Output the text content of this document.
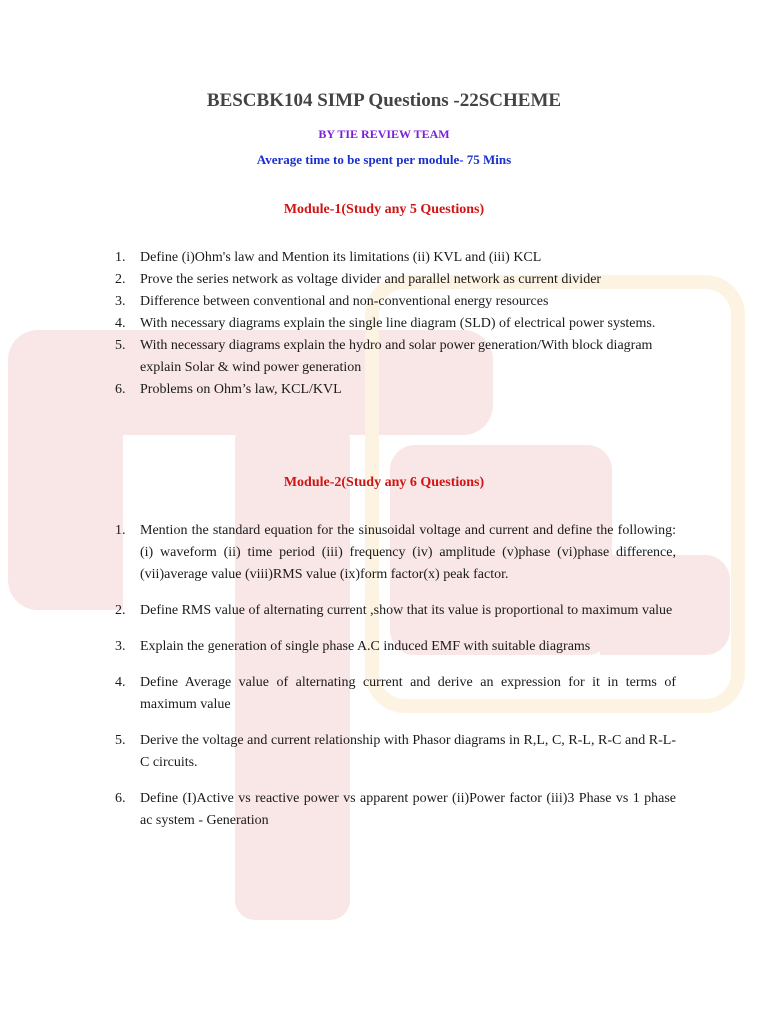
BESCBK104 SIMP Questions -22SCHEME
BY TIE REVIEW TEAM
Average time to be spent per module- 75 Mins
Module-1(Study any 5 Questions)
1. Define (i)Ohm's law and Mention its limitations (ii) KVL and (iii) KCL
2. Prove the series network as voltage divider and parallel network as current divider
3. Difference between conventional and non-conventional energy resources
4. With necessary diagrams explain the single line diagram (SLD) of electrical power systems.
5. With necessary diagrams explain the hydro and solar power generation/With block diagram explain Solar & wind power generation
6. Problems on Ohm’s law, KCL/KVL
Module-2(Study any 6 Questions)
1. Mention the standard equation for the sinusoidal voltage and current and define the following: (i) waveform (ii) time period (iii) frequency (iv) amplitude (v)phase (vi)phase difference, (vii)average value (viii)RMS value (ix)form factor(x) peak factor.
2. Define RMS value of alternating current ,show that its value is proportional to maximum value
3. Explain the generation of single phase A.C induced EMF with suitable diagrams
4. Define Average value of alternating current and derive an expression for it in terms of maximum value
5. Derive the voltage and current relationship with Phasor diagrams in R,L, C, R-L, R-C and R-L-C circuits.
6. Define (I)Active vs reactive power vs apparent power (ii)Power factor (iii)3 Phase vs 1 phase ac system - Generation
